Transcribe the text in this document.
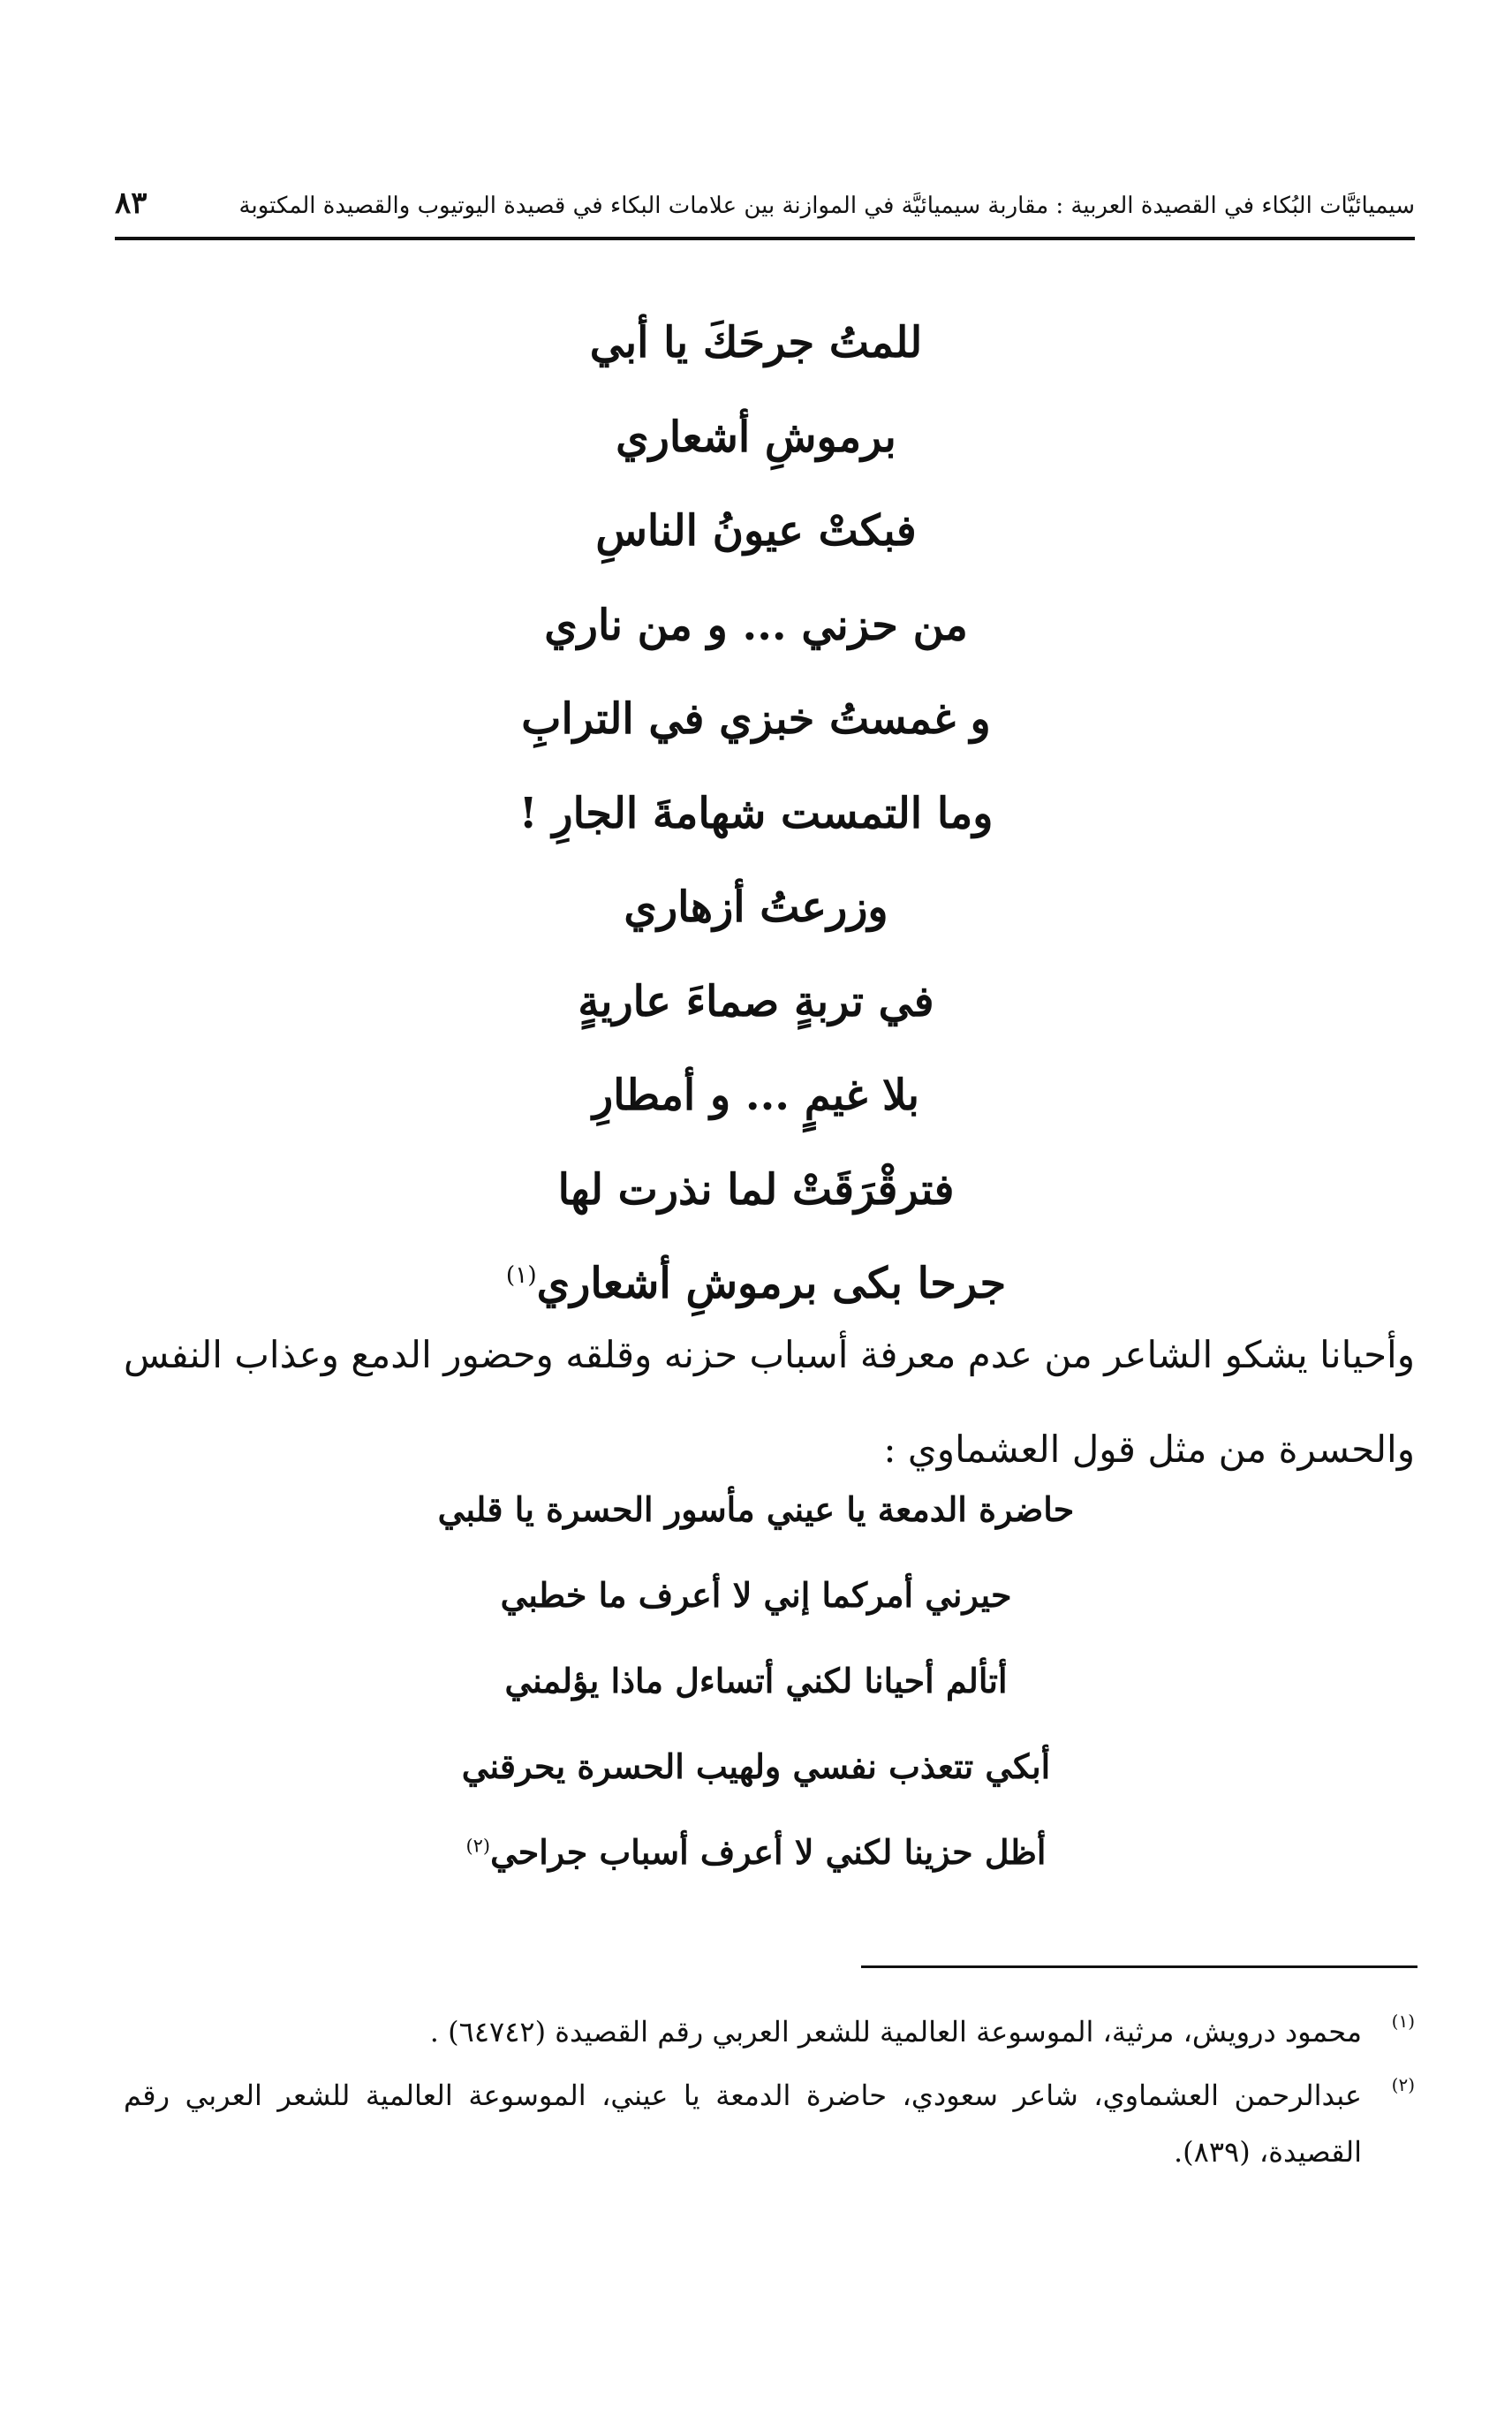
سيميائيَّات البُكاء في القصيدة العربية : مقاربة سيميائيَّة في الموازنة بين علامات البكاء في قصيدة اليوتيوب والقصيدة المكتوبة
٨٣
للمتُ جرحَكَ يا أبي
برموشِ أشعاري
فبكتْ عيونُ الناسِ
من حزني ... و من ناري
و غمستُ خبزي في الترابِ
وما التمست شهامةَ الجارِ !
وزرعتُ أزهاري
في تربةٍ صماءَ عاريةٍ
بلا غيمٍ ... و أمطارِ
فترقْرَقَتْ لما نذرت لها
جرحا بكى برموشِ أشعاري$^{(١)}$
وأحيانا يشكو الشاعر من عدم معرفة أسباب حزنه وقلقه وحضور الدمع وعذاب النفس والحسرة من مثل قول العشماوي :
حاضرة الدمعة يا عيني مأسور الحسرة يا قلبي
حيرني أمركما إني لا أعرف ما خطبي
أتألم أحيانا لكني أتساءل ماذا يؤلمني
أبكي تتعذب نفسي ولهيب الحسرة يحرقني
أظل حزينا لكني لا أعرف أسباب جراحي$^{(٢)}$
(١)
محمود درويش، مرثية، الموسوعة العالمية للشعر العربي رقم القصيدة (٦٤٧٤٢) .
(٢)
عبدالرحمن العشماوي، شاعر سعودي، حاضرة الدمعة يا عيني، الموسوعة العالمية للشعر العربي رقم القصيدة، (٨٣٩).
